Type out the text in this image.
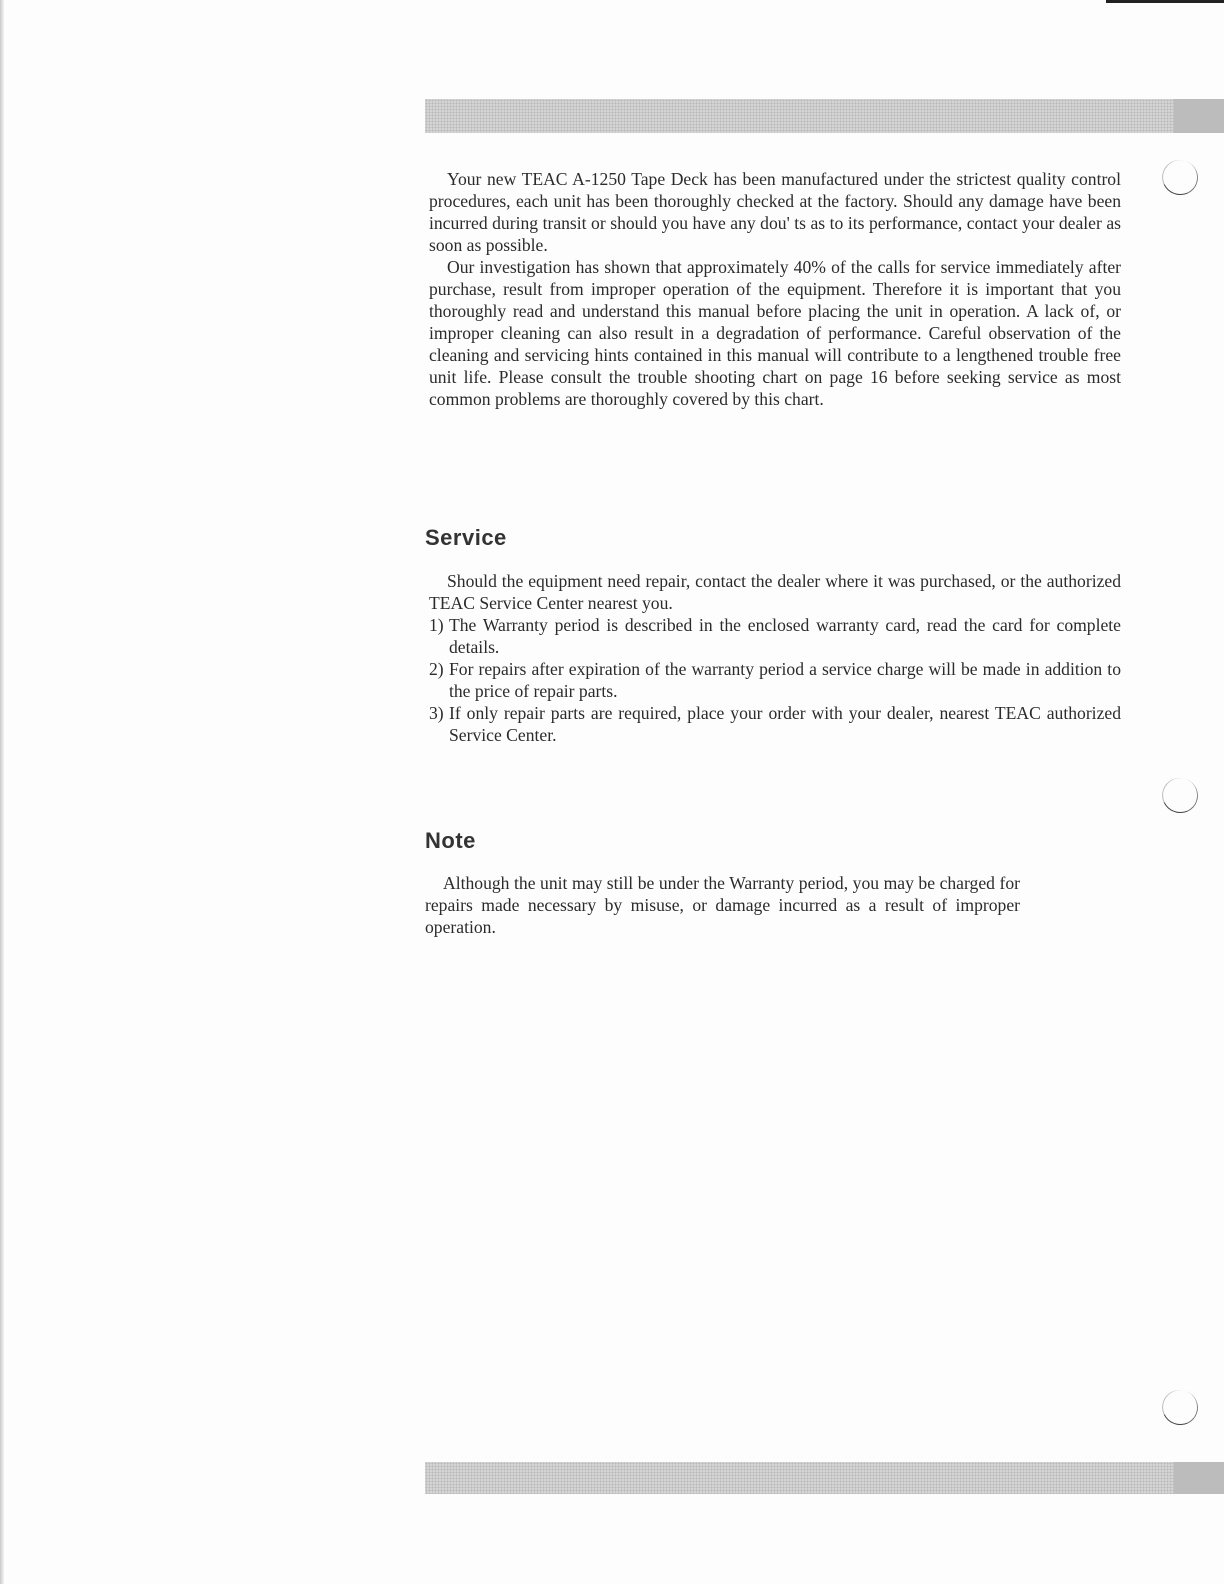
Your new TEAC A-1250 Tape Deck has been manufactured under the strictest quality control procedures, each unit has been thoroughly checked at the factory. Should any damage have been incurred during transit or should you have any dou' ts as to its performance, contact your dealer as soon as possible.

Our investigation has shown that approximately 40% of the calls for service immediately after purchase, result from improper operation of the equipment. Therefore it is important that you thoroughly read and understand this manual before placing the unit in operation. A lack of, or improper cleaning can also result in a degradation of performance. Careful observation of the cleaning and servicing hints contained in this manual will contribute to a lengthened trouble free unit life. Please consult the trouble shooting chart on page 16 before seeking service as most common problems are thoroughly covered by this chart.

Service

Should the equipment need repair, contact the dealer where it was purchased, or the authorized TEAC Service Center nearest you.

1) The Warranty period is described in the enclosed warranty card, read the card for complete details.
2) For repairs after expiration of the warranty period a service charge will be made in addition to the price of repair parts.
3) If only repair parts are required, place your order with your dealer, nearest TEAC authorized Service Center.
Note

Although the unit may still be under the Warranty period, you may be charged for repairs made necessary by misuse, or damage incurred as a result of improper operation.
